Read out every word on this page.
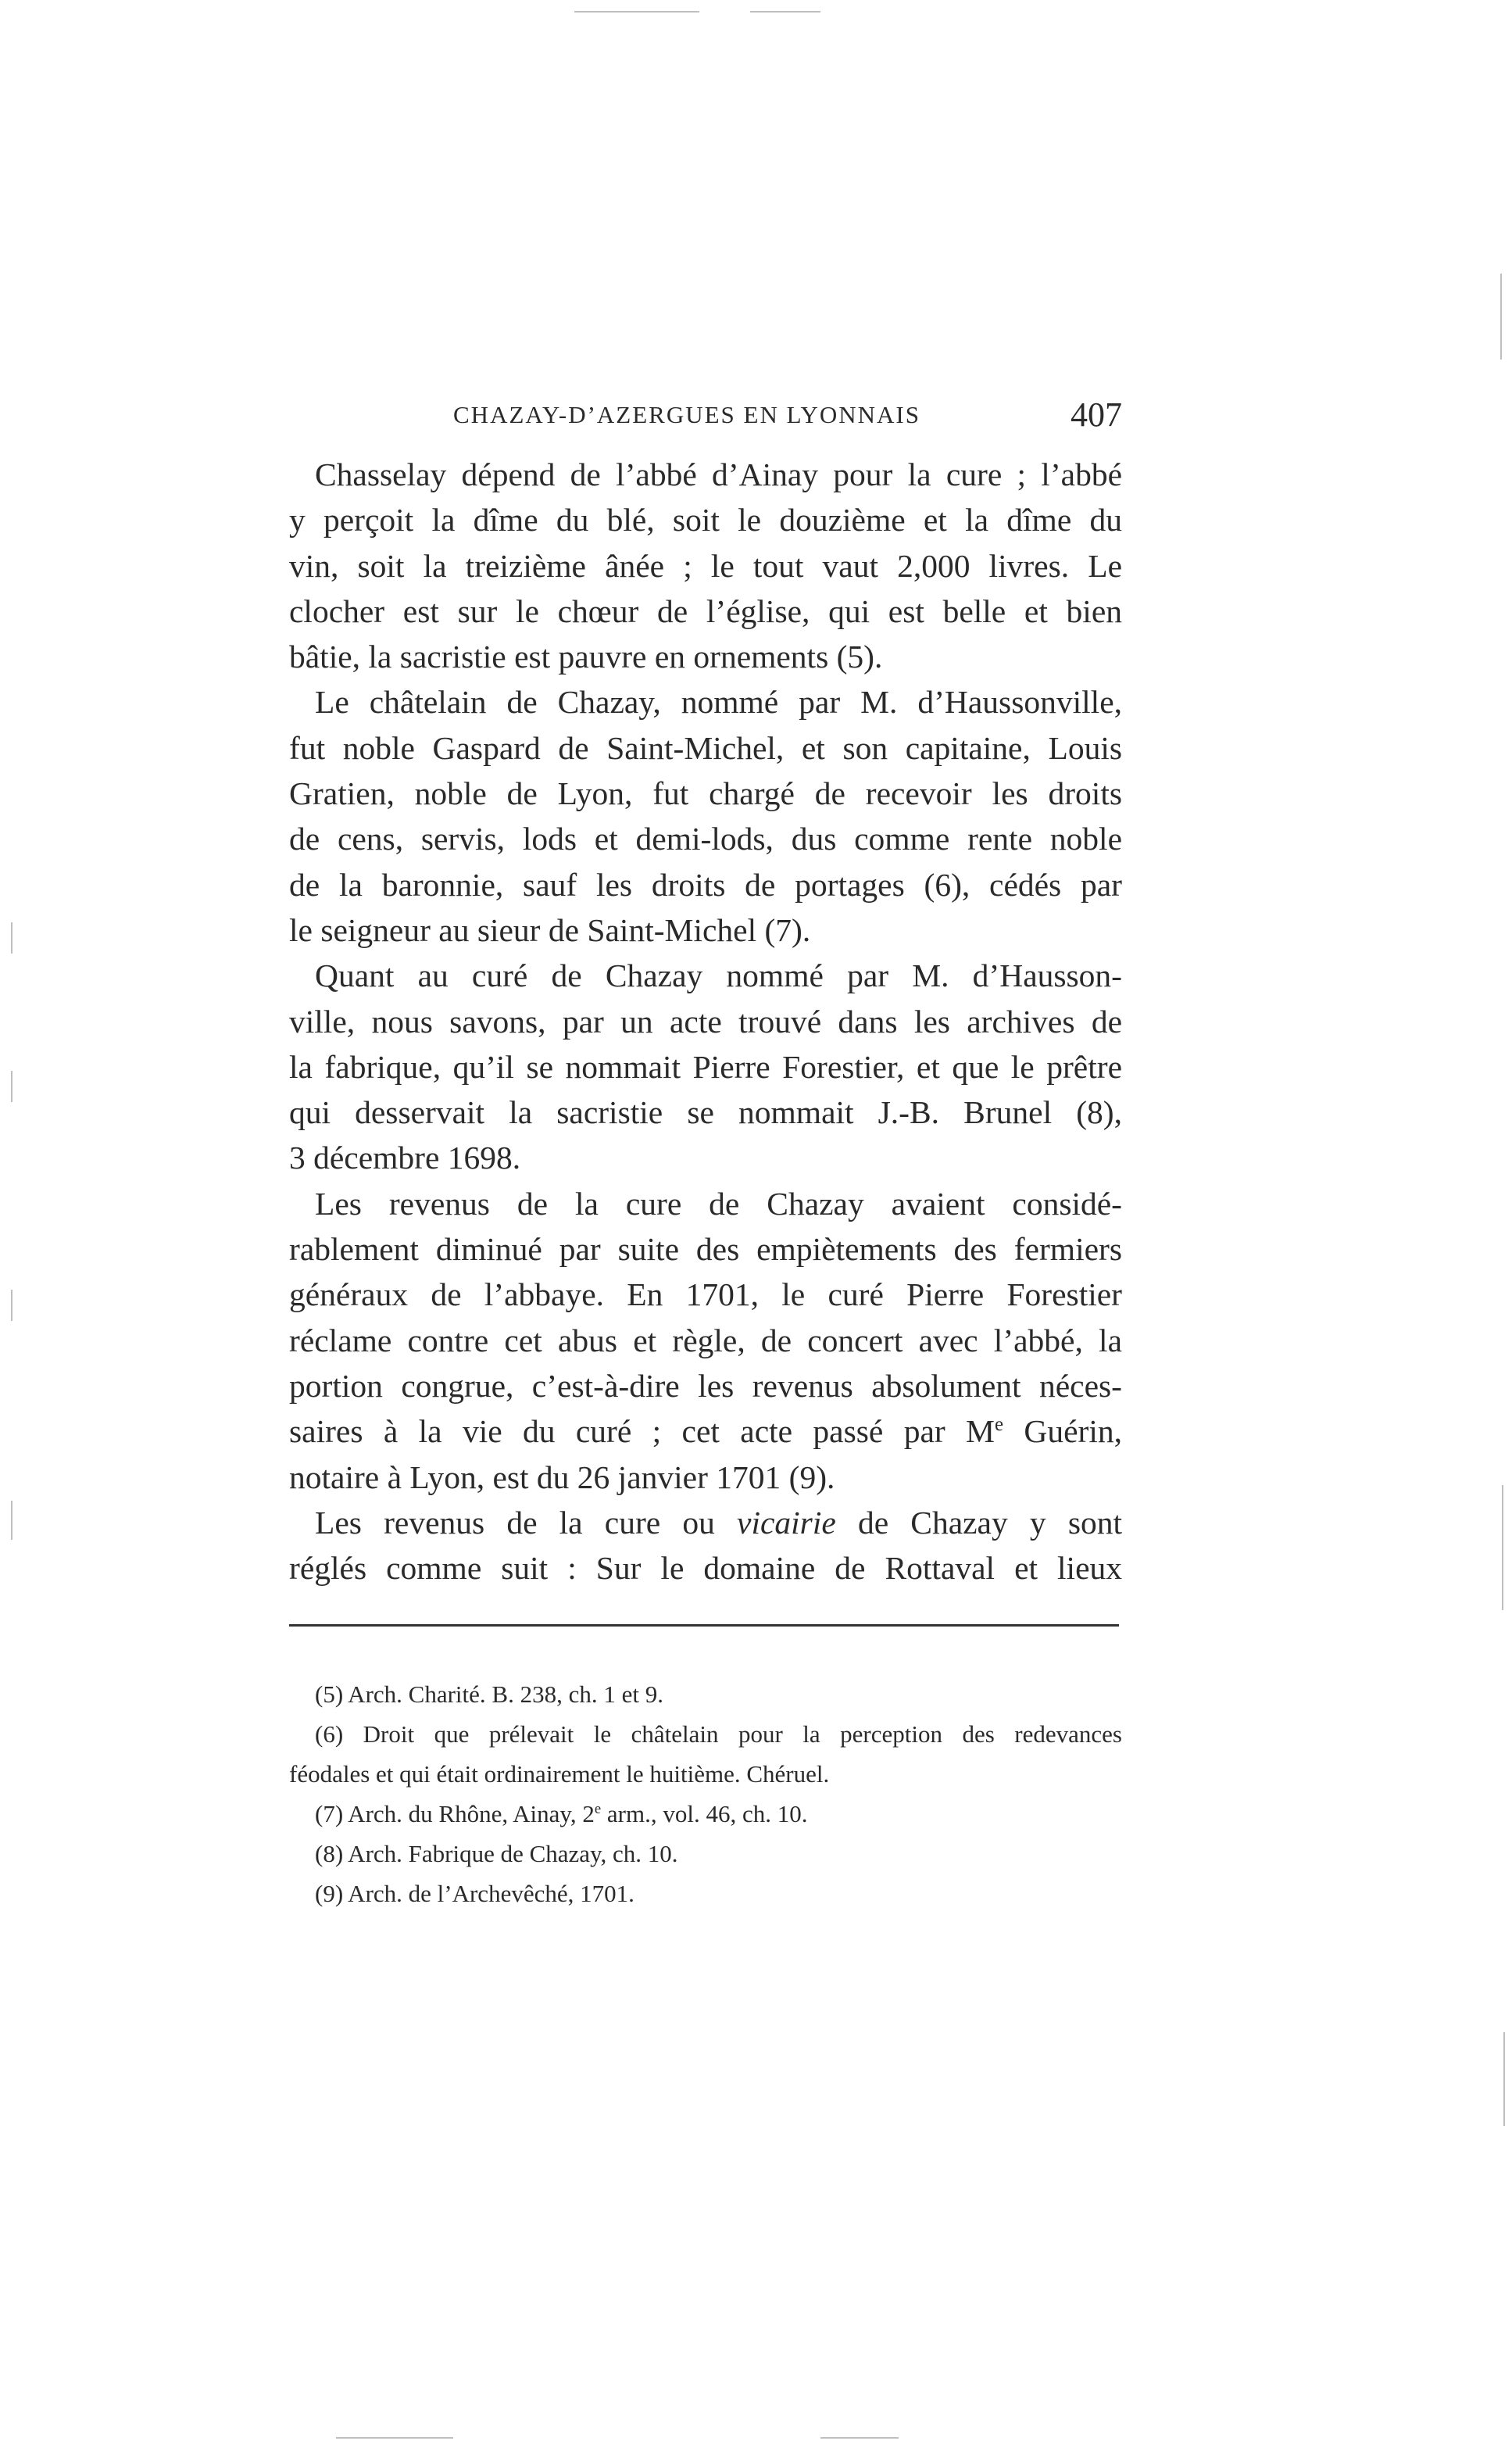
CHAZAY-D’AZERGUES EN LYONNAIS	407

Chasselay dépend de l’abbé d’Ainay pour la cure ; l’abbé
y perçoit la dîme du blé, soit le douzième et la dîme du
vin, soit la treizième ânée ; le tout vaut 2,000 livres. Le
clocher est sur le chœur de l’église, qui est belle et bien
bâtie, la sacristie est pauvre en ornements (5).

Le châtelain de Chazay, nommé par M. d’Haussonville,
fut noble Gaspard de Saint-Michel, et son capitaine, Louis
Gratien, noble de Lyon, fut chargé de recevoir les droits
de cens, servis, lods et demi-lods, dus comme rente noble
de la baronnie, sauf les droits de portages (6), cédés par
le seigneur au sieur de Saint-Michel (7).

Quant au curé de Chazay nommé par M. d’Hausson-
ville, nous savons, par un acte trouvé dans les archives de
la fabrique, qu’il se nommait Pierre Forestier, et que le prêtre
qui desservait la sacristie se nommait J.-B. Brunel (8),
3 décembre 1698.

Les revenus de la cure de Chazay avaient considé-
rablement diminué par suite des empiètements des fermiers
généraux de l’abbaye. En 1701, le curé Pierre Forestier
réclame contre cet abus et règle, de concert avec l’abbé, la
portion congrue, c’est-à-dire les revenus absolument néces-
saires à la vie du curé ; cet acte passé par Me Guérin,
notaire à Lyon, est du 26 janvier 1701 (9).

Les revenus de la cure ou vicairie de Chazay y sont
réglés comme suit : Sur le domaine de Rottaval et lieux

(5) Arch. Charité. B. 238, ch. 1 et 9.
(6) Droit que prélevait le châtelain pour la perception des redevances
féodales et qui était ordinairement le huitième. Chéruel.
(7) Arch. du Rhône, Ainay, 2e arm., vol. 46, ch. 10.
(8) Arch. Fabrique de Chazay, ch. 10.
(9) Arch. de l’Archevêché, 1701.
